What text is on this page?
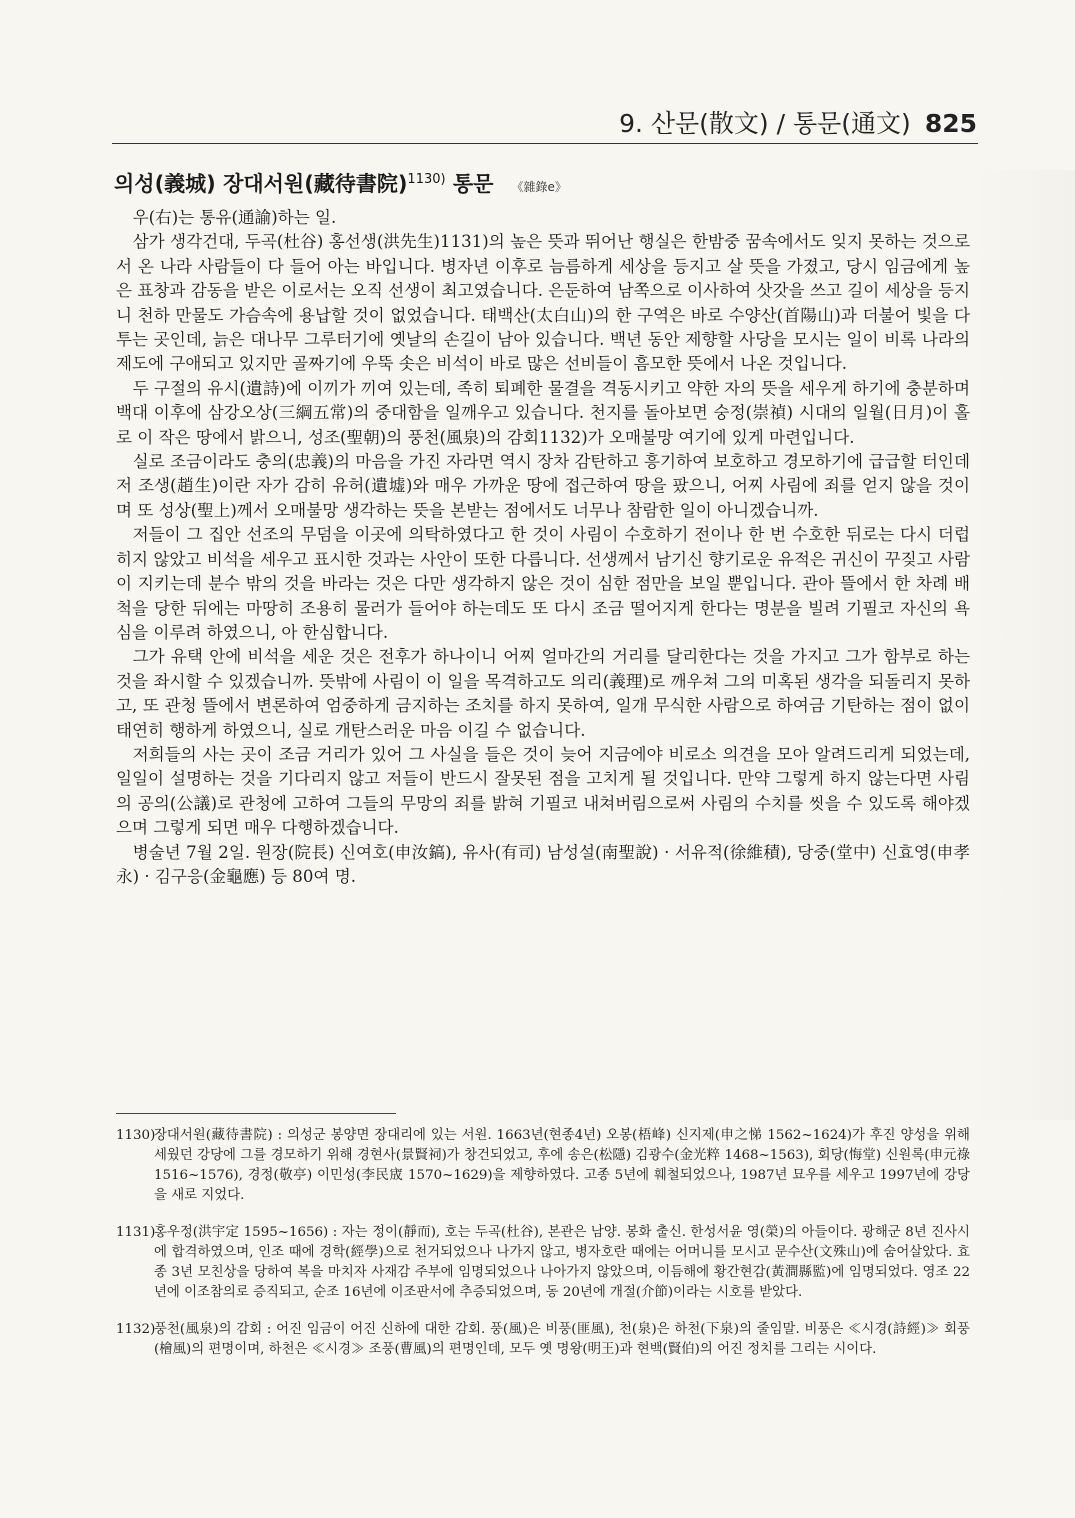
9. 산문(散文) / 통문(通文) 825
의성(義城) 장대서원(藏待書院)$^{1130)}$ 통문 《雜錄e》

우(右)는 통유(通諭)하는 일.

삼가 생각건대, 두곡(杜谷) 홍선생(洪先生)1131)의 높은 뜻과 뛰어난 행실은 한밤중 꿈속에서도 잊지 못하는 것으로서 온 나라 사람들이 다 들어 아는 바입니다. 병자년 이후로 늠름하게 세상을 등지고 살 뜻을 가졌고, 당시 임금에게 높은 표창과 감동을 받은 이로서는 오직 선생이 최고였습니다. 은둔하여 남쪽으로 이사하여 삿갓을 쓰고 길이 세상을 등지니 천하 만물도 가슴속에 용납할 것이 없었습니다. 태백산(太白山)의 한 구역은 바로 수양산(首陽山)과 더불어 빛을 다투는 곳인데, 늙은 대나무 그루터기에 옛날의 손길이 남아 있습니다. 백년 동안 제향할 사당을 모시는 일이 비록 나라의 제도에 구애되고 있지만 골짜기에 우뚝 솟은 비석이 바로 많은 선비들이 흠모한 뜻에서 나온 것입니다.

두 구절의 유시(遺詩)에 이끼가 끼여 있는데, 족히 퇴폐한 물결을 격동시키고 약한 자의 뜻을 세우게 하기에 충분하며 백대 이후에 삼강오상(三綱五常)의 중대함을 일깨우고 있습니다. 천지를 돌아보면 숭정(崇禎) 시대의 일월(日月)이 홀로 이 작은 땅에서 밝으니, 성조(聖朝)의 풍천(風泉)의 감회1132)가 오매불망 여기에 있게 마련입니다.

실로 조금이라도 충의(忠義)의 마음을 가진 자라면 역시 장차 감탄하고 흥기하여 보호하고 경모하기에 급급할 터인데 저 조생(趙生)이란 자가 감히 유허(遺墟)와 매우 가까운 땅에 접근하여 땅을 팠으니, 어찌 사림에 죄를 얻지 않을 것이며 또 성상(聖上)께서 오매불망 생각하는 뜻을 본받는 점에서도 너무나 참람한 일이 아니겠습니까.

저들이 그 집안 선조의 무덤을 이곳에 의탁하였다고 한 것이 사림이 수호하기 전이나 한 번 수호한 뒤로는 다시 더럽히지 않았고 비석을 세우고 표시한 것과는 사안이 또한 다릅니다. 선생께서 남기신 향기로운 유적은 귀신이 꾸짖고 사람이 지키는데 분수 밖의 것을 바라는 것은 다만 생각하지 않은 것이 심한 점만을 보일 뿐입니다. 관아 뜰에서 한 차례 배척을 당한 뒤에는 마땅히 조용히 물러가 들어야 하는데도 또 다시 조금 떨어지게 한다는 명분을 빌려 기필코 자신의 욕심을 이루려 하였으니, 아 한심합니다.

그가 유택 안에 비석을 세운 것은 전후가 하나이니 어찌 얼마간의 거리를 달리한다는 것을 가지고 그가 함부로 하는 것을 좌시할 수 있겠습니까. 뜻밖에 사림이 이 일을 목격하고도 의리(義理)로 깨우쳐 그의 미혹된 생각을 되돌리지 못하고, 또 관청 뜰에서 변론하여 엄중하게 금지하는 조치를 하지 못하여, 일개 무식한 사람으로 하여금 기탄하는 점이 없이 태연히 행하게 하였으니, 실로 개탄스러운 마음 이길 수 없습니다.

저희들의 사는 곳이 조금 거리가 있어 그 사실을 들은 것이 늦어 지금에야 비로소 의견을 모아 알려드리게 되었는데, 일일이 설명하는 것을 기다리지 않고 저들이 반드시 잘못된 점을 고치게 될 것입니다. 만약 그렇게 하지 않는다면 사림의 공의(公議)로 관청에 고하여 그들의 무망의 죄를 밝혀 기필코 내쳐버림으로써 사림의 수치를 씻을 수 있도록 해야겠으며 그렇게 되면 매우 다행하겠습니다.

병술년 7월 2일. 원장(院長) 신여호(申汝鎬), 유사(有司) 남성설(南聖說) · 서유적(徐維積), 당중(堂中) 신효영(申孝永) · 김구응(金龜應) 등 80여 명.

1130)장대서원(藏待書院) : 의성군 봉양면 장대리에 있는 서원. 1663년(현종4년) 오봉(梧峰) 신지제(申之悌 1562~1624)가 후진 양성을 위해 세웠던 강당에 그를 경모하기 위해 경현사(景賢祠)가 창건되었고, 후에 송은(松隱) 김광수(金光粹 1468~1563), 회당(悔堂) 신원록(申元祿 1516~1576), 경정(敬亭) 이민성(李民宬 1570~1629)을 제향하였다. 고종 5년에 훼철되었으나, 1987년 묘우를 세우고 1997년에 강당을 새로 지었다.

1131)홍우정(洪宇定 1595~1656) : 자는 정이(靜而), 호는 두곡(杜谷), 본관은 남양. 봉화 출신. 한성서윤 영(榮)의 아들이다. 광해군 8년 진사시에 합격하였으며, 인조 때에 경학(經學)으로 천거되었으나 나가지 않고, 병자호란 때에는 어머니를 모시고 문수산(文殊山)에 숨어살았다. 효종 3년 모친상을 당하여 복을 마치자 사재감 주부에 임명되었으나 나아가지 않았으며, 이듬해에 황간현감(黃澗縣監)에 임명되었다. 영조 22년에 이조참의로 증직되고, 순조 16년에 이조판서에 추증되었으며, 동 20년에 개절(介節)이라는 시호를 받았다.

1132)풍천(風泉)의 감회 : 어진 임금이 어진 신하에 대한 감회. 풍(風)은 비풍(匪風), 천(泉)은 하천(下泉)의 줄임말. 비풍은 ≪시경(詩經)≫ 회풍(檜風)의 편명이며, 하천은 ≪시경≫ 조풍(曹風)의 편명인데, 모두 옛 명왕(明王)과 현백(賢伯)의 어진 정치를 그리는 시이다.
